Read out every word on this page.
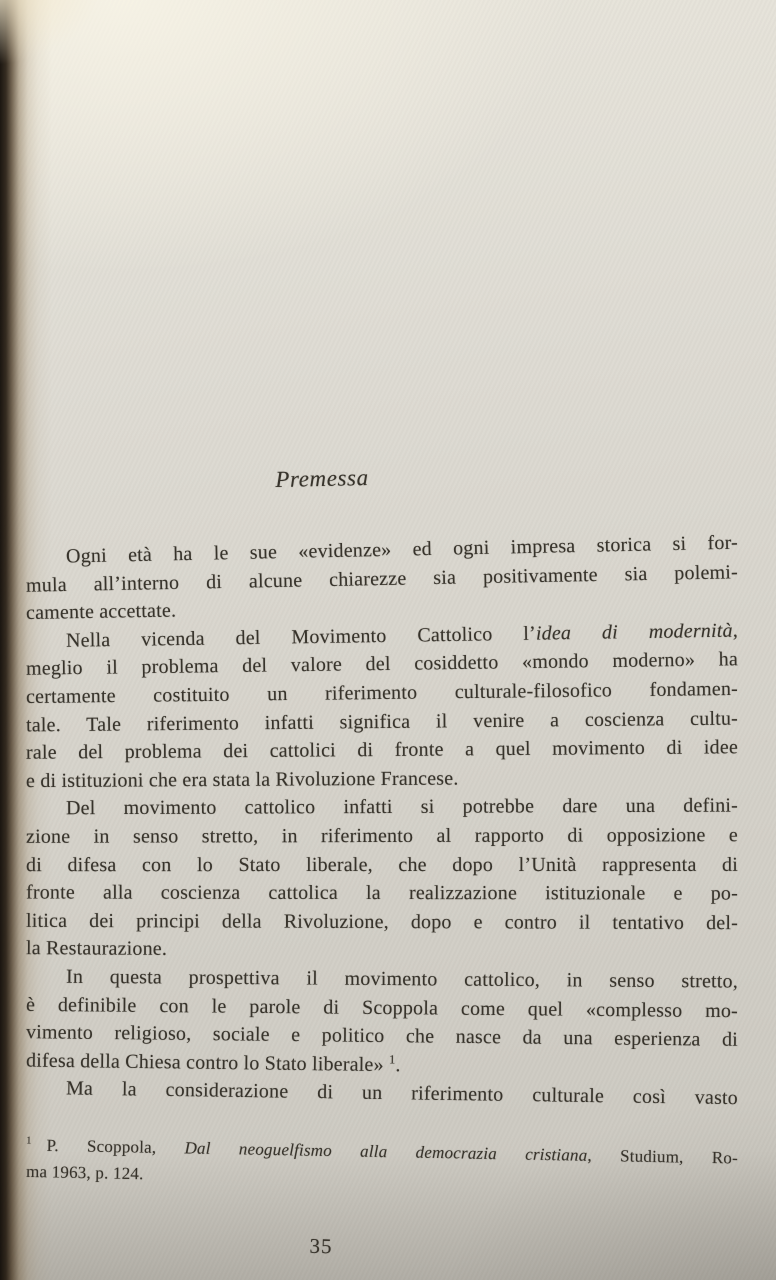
Premessa
Ogni età ha le sue «evidenze» ed ogni impresa storica si for-
mula all’interno di alcune chiarezze sia positivamente sia polemi-
camente accettate.
Nella vicenda del Movimento Cattolico l’idea di modernità,
meglio il problema del valore del cosiddetto «mondo moderno» ha
certamente costituito un riferimento culturale-filosofico fondamen-
tale. Tale riferimento infatti significa il venire a coscienza cultu-
rale del problema dei cattolici di fronte a quel movimento di idee
e di istituzioni che era stata la Rivoluzione Francese.
Del movimento cattolico infatti si potrebbe dare una defini-
zione in senso stretto, in riferimento al rapporto di opposizione e
di difesa con lo Stato liberale, che dopo l’Unità rappresenta di
fronte alla coscienza cattolica la realizzazione istituzionale e po-
litica dei principi della Rivoluzione, dopo e contro il tentativo del-
la Restaurazione.
In questa prospettiva il movimento cattolico, in senso stretto,
è definibile con le parole di Scoppola come quel «complesso mo-
vimento religioso, sociale e politico che nasce da una esperienza di
difesa della Chiesa contro lo Stato liberale» $^1$.
Ma la considerazione di un riferimento culturale così vasto
$^1$ P. Scoppola, Dal neoguelfismo alla democrazia cristiana, Studium, Ro-
ma 1963, p. 124.
35
